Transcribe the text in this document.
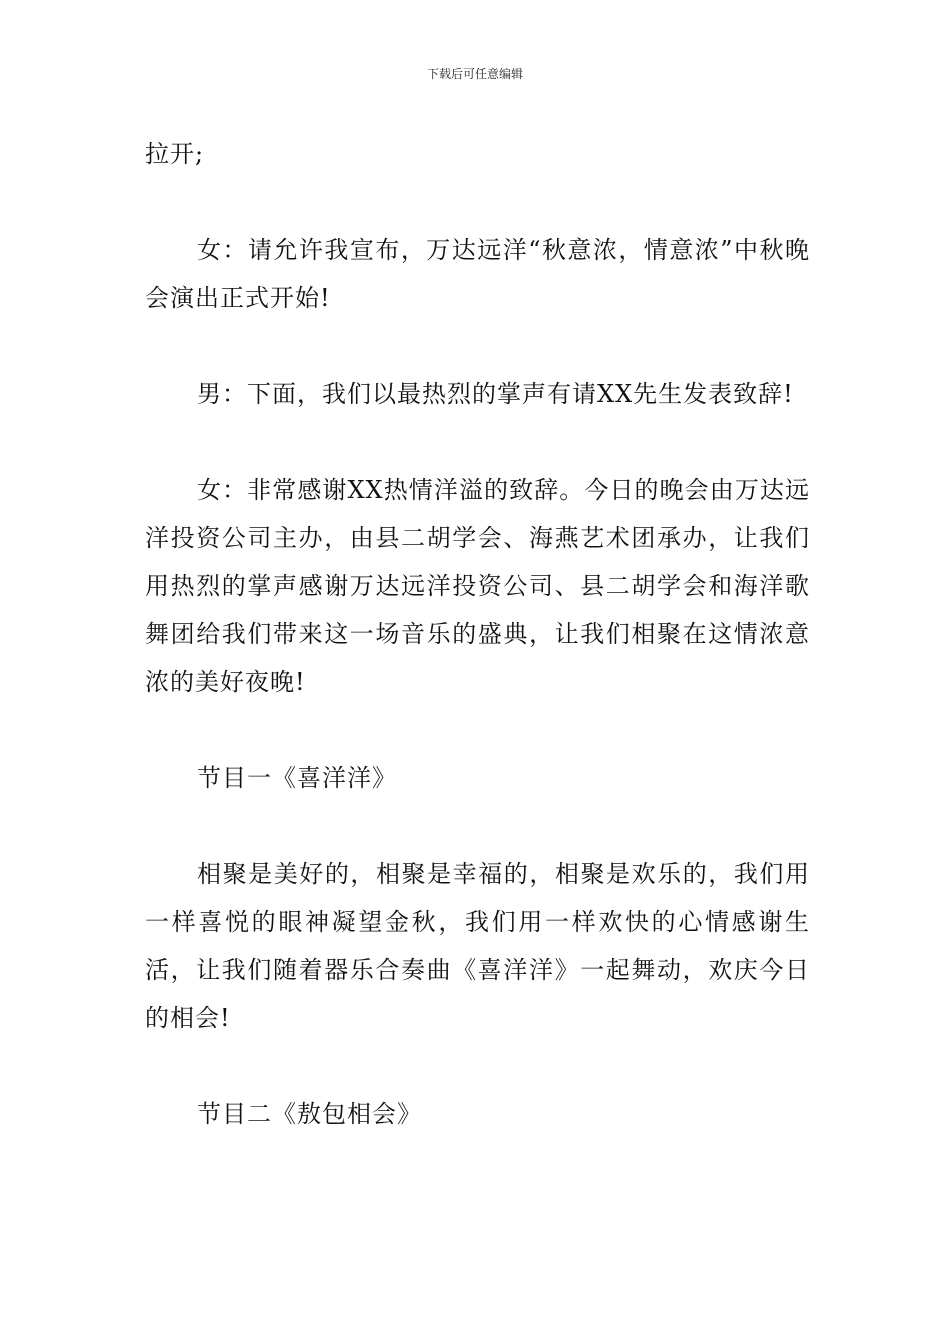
下载后可任意编辑

拉开;

女：请允许我宣布，万达远洋“秋意浓，情意浓”中秋晚会演出正式开始!

男：下面，我们以最热烈的掌声有请XX先生发表致辞!

女：非常感谢XX热情洋溢的致辞。今日的晚会由万达远洋投资公司主办，由县二胡学会、海燕艺术团承办，让我们用热烈的掌声感谢万达远洋投资公司、县二胡学会和海洋歌舞团给我们带来这一场音乐的盛典，让我们相聚在这情浓意浓的美好夜晚!

节目一《喜洋洋》

相聚是美好的，相聚是幸福的，相聚是欢乐的，我们用一样喜悦的眼神凝望金秋，我们用一样欢快的心情感谢生活，让我们随着器乐合奏曲《喜洋洋》一起舞动，欢庆今日的相会!

节目二《敖包相会》
